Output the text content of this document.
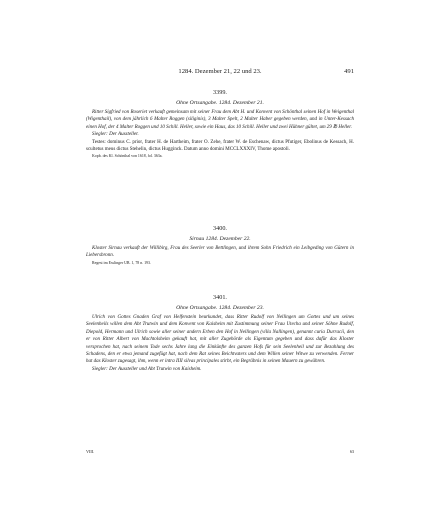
1284. Dezember 21, 22 und 23.	491
3399.
Ohne Ortsangabe. 1284. Dezember 21.

Ritter Sigfried von Roseriet verkauft gemeinsam mit seiner Frau dem Abt H. und Konvent von Schönthal seinen Hof in Weigenthal (Wigenthail), von dem jährlich 6 Malter Roggen (siliginis), 3 Malter Spelt, 2 Malter Haber gegeben werden, und in Unter-Kessach einen Hof, der 4 Malter Roggen und 10 Schill. Heller, sowie ein Haus, das 10 Schill. Heller und zwei Hühner gültet, um 29 ℔ Heller.

Siegler: Der Aussteller.

Testes: dominus C. prior, frater H. de Hartheim, frater O. Zehe, frater W. de Eschenaw, dictus Pfutiger, Ebolinus de Kessach, H. scultetus meus dictus Stehelin, dictus Hugginck. Datum anno domini MCCLXXXIV, Thome apostoli.

Kopb. des Kl. Schönthal von 1618, fol. 363a.
3400.
Sirnau 1284. Dezember 22.

Kloster Sirnau verkauft der Willibirg, Frau des Seerler von Bettlingen, und ihrem Sohn Friedrich ein Leibgeding von Gütern in Liebersbronn.

Regest im Esslinger UB. 1, 78 n. 193.
3401.
Ohne Ortsangabe. 1284. Dezember 23.

Ulrich von Gottes Gnaden Graf von Helfenstein beurkundet, dass Ritter Rudolf von Nellingen um Gottes und um seines Seelenheils willen dem Abt Trutwin und dem Konvent von Kaisheim mit Zustimmung seiner Frau Utecha und seiner Söhne Rudolf, Diepold, Hermann und Ulrich sowie aller seiner andern Erben den Hof in Nellingen (villa Nallingen), genannt curia Durracii, den er von Ritter Albert von Machtolsheim gekauft hat, mit aller Zugehörde als Eigentum gegeben und dass dafür das Kloster versprochen hat, nach seinem Tode sechs Jahre lang die Einkünfte des ganzen Hofs für sein Seelenheil und zur Bezahlung des Schadens, den er etwa jemand zugefügt hat, nach dem Rat seines Beichtvaters und dem Willen seiner Witwe zu verwenden. Ferner hat das Kloster zugesagt, ihm, wenn er intra IIII silvas principales stirbt, ein Begräbnis in seinen Mauern zu gewähren.

Siegler: Der Aussteller und Abt Trutwin von Kaisheim.

VIII.	63
